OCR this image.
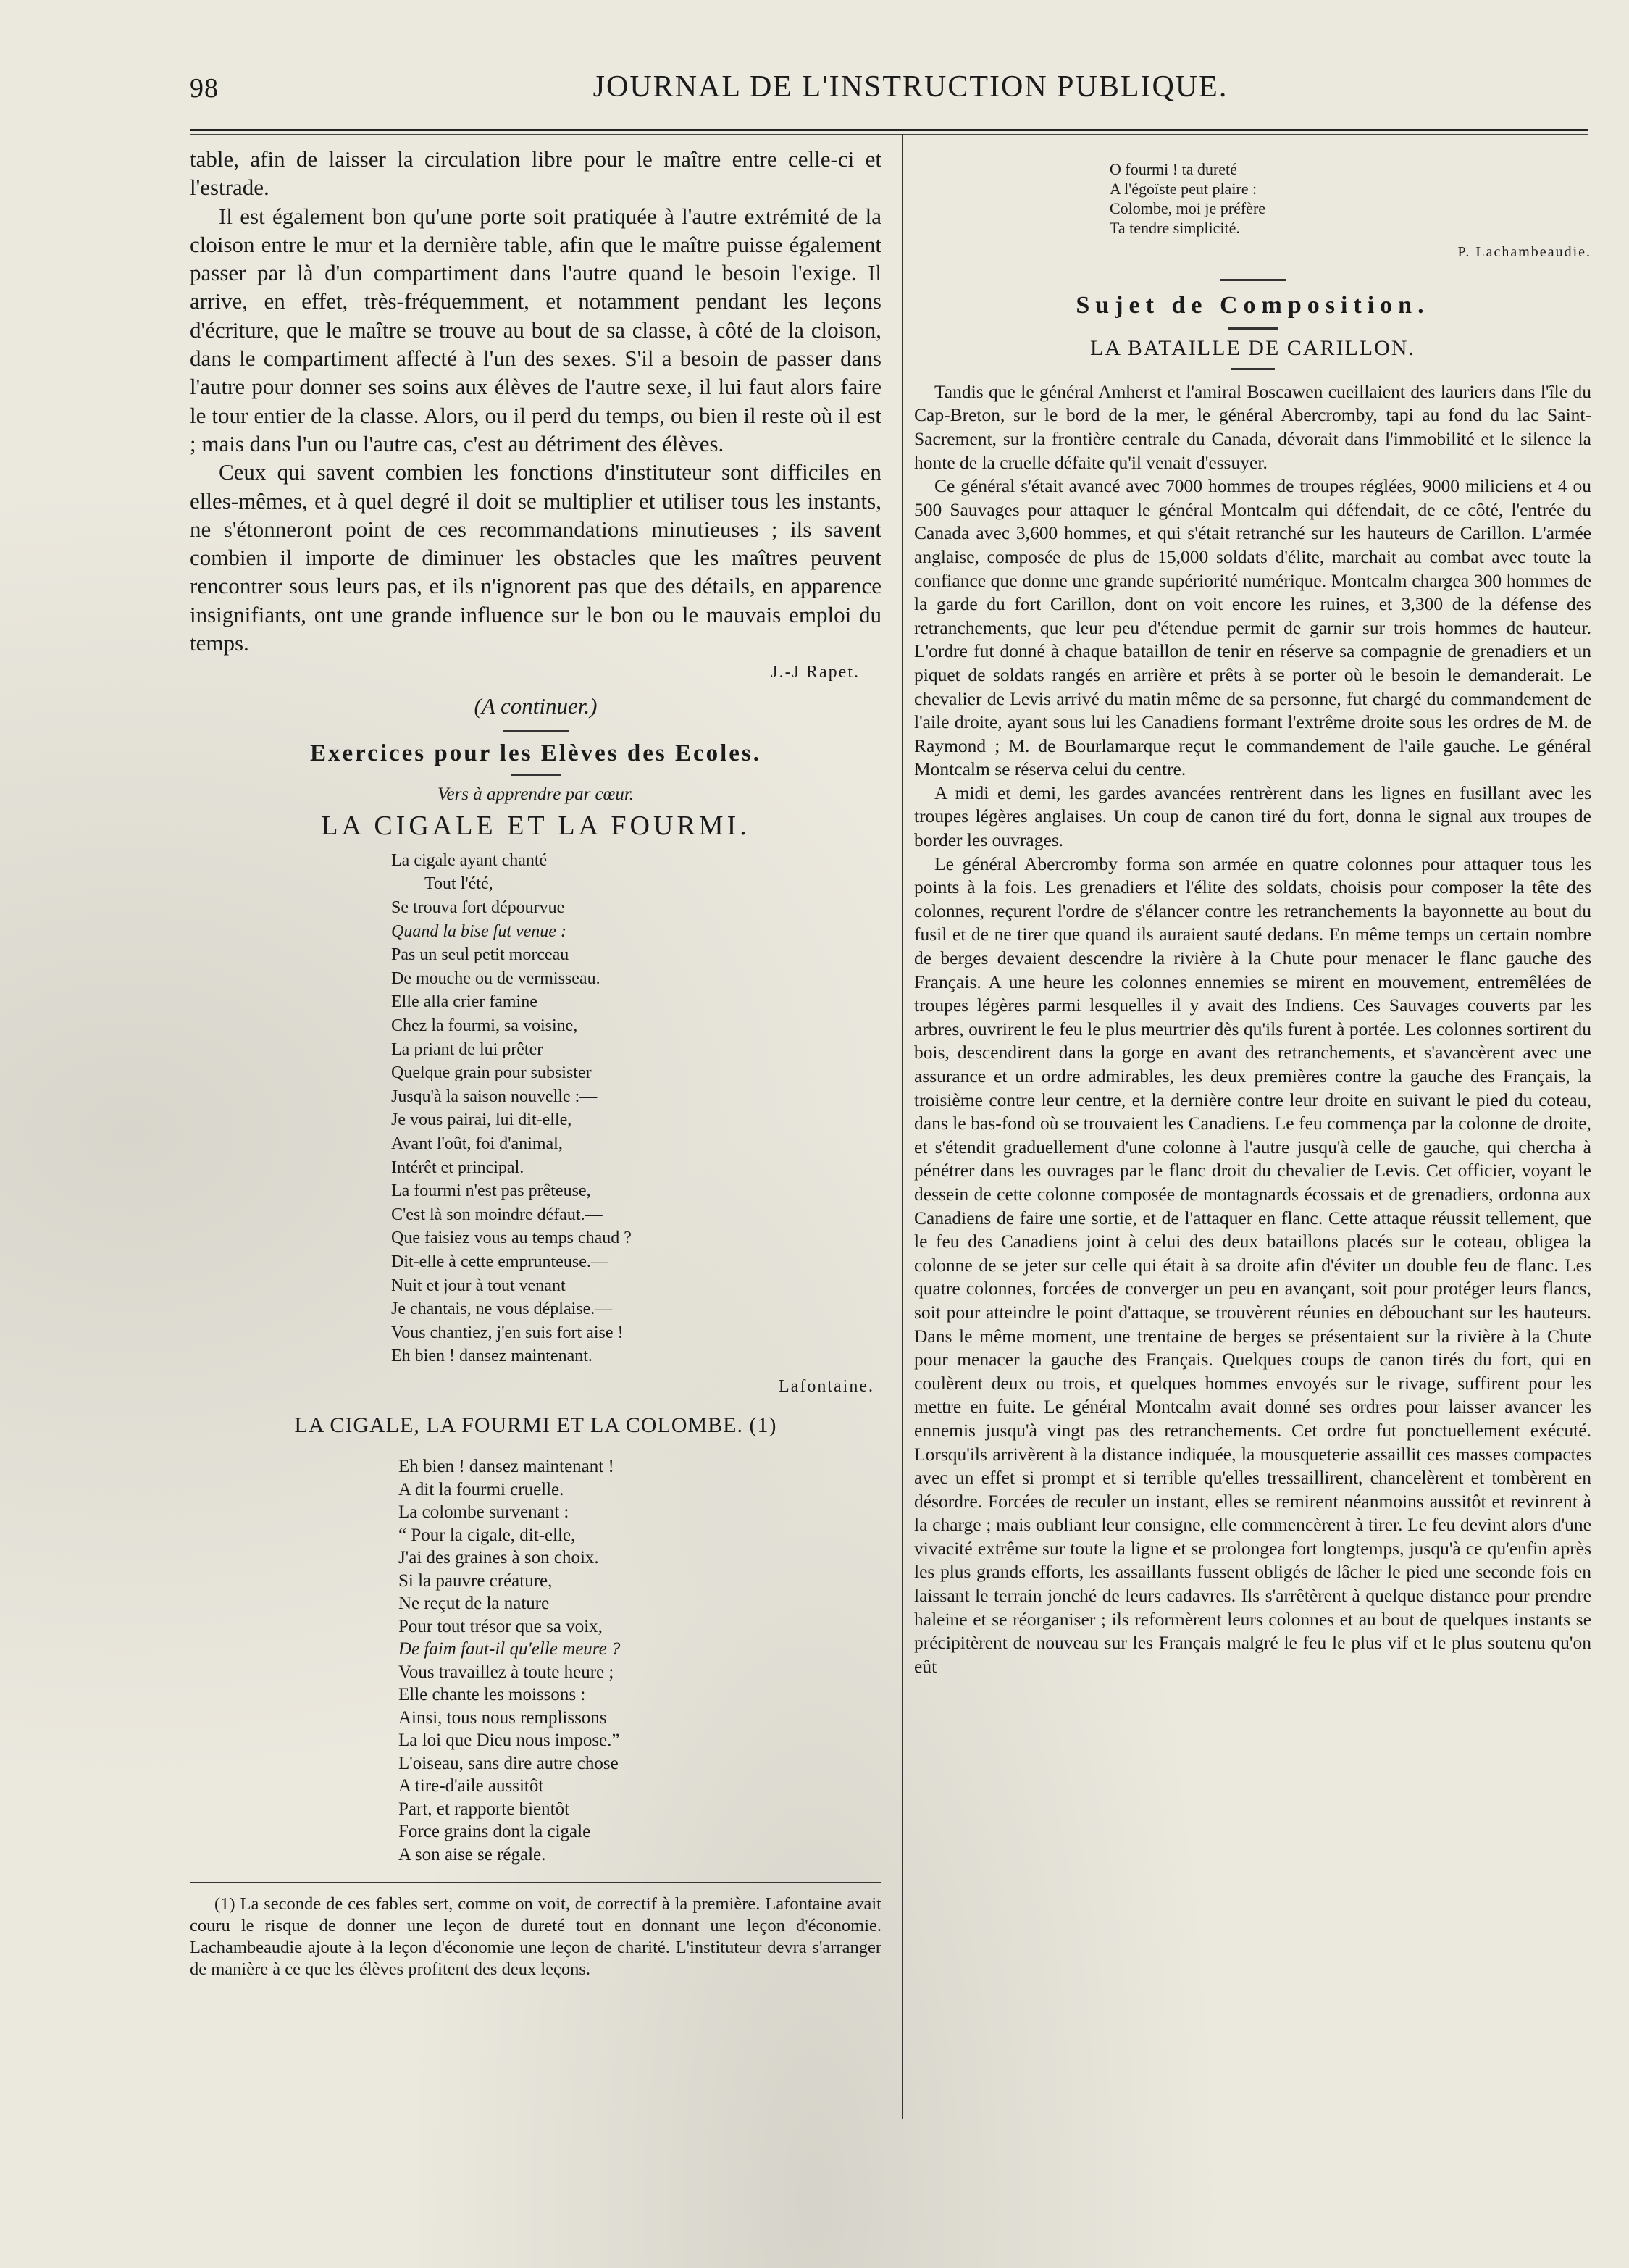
98	JOURNAL DE L'INSTRUCTION PUBLIQUE.

table, afin de laisser la circulation libre pour le maître entre celle-ci et l'estrade.

Il est également bon qu'une porte soit pratiquée à l'autre extrémité de la cloison entre le mur et la dernière table, afin que le maître puisse également passer par là d'un compartiment dans l'autre quand le besoin l'exige. Il arrive, en effet, très-fréquemment, et notamment pendant les leçons d'écriture, que le maître se trouve au bout de sa classe, à côté de la cloison, dans le compartiment affecté à l'un des sexes. S'il a besoin de passer dans l'autre pour donner ses soins aux élèves de l'autre sexe, il lui faut alors faire le tour entier de la classe. Alors, ou il perd du temps, ou bien il reste où il est ; mais dans l'un ou l'autre cas, c'est au détriment des élèves.

Ceux qui savent combien les fonctions d'instituteur sont difficiles en elles-mêmes, et à quel degré il doit se multiplier et utiliser tous les instants, ne s'étonneront point de ces recommandations minutieuses ; ils savent combien il importe de diminuer les obstacles que les maîtres peuvent rencontrer sous leurs pas, et ils n'ignorent pas que des détails, en apparence insignifiants, ont une grande influence sur le bon ou le mauvais emploi du temps.

J.-J Rapet.

(A continuer.)

Exercices pour les Elèves des Ecoles.

Vers à apprendre par cœur.

LA CIGALE ET LA FOURMI.

La cigale ayant chanté
Tout l'été,
Se trouva fort dépourvue
Quand la bise fut venue :
Pas un seul petit morceau
De mouche ou de vermisseau.
Elle alla crier famine
Chez la fourmi, sa voisine,
La priant de lui prêter
Quelque grain pour subsister
Jusqu'à la saison nouvelle :—
Je vous pairai, lui dit-elle,
Avant l'oût, foi d'animal,
Intérêt et principal.
La fourmi n'est pas prêteuse,
C'est là son moindre défaut.—
Que faisiez vous au temps chaud ?
Dit-elle à cette emprunteuse.—
Nuit et jour à tout venant
Je chantais, ne vous déplaise.—
Vous chantiez, j'en suis fort aise !
Eh bien ! dansez maintenant.

Lafontaine.

LA CIGALE, LA FOURMI ET LA COLOMBE. (1)

Eh bien ! dansez maintenant !
A dit la fourmi cruelle.
La colombe survenant :
“ Pour la cigale, dit-elle,
J'ai des graines à son choix.
Si la pauvre créature,
Ne reçut de la nature
Pour tout trésor que sa voix,
De faim faut-il qu'elle meure ?
Vous travaillez à toute heure ;
Elle chante les moissons :
Ainsi, tous nous remplissons
La loi que Dieu nous impose.”
L'oiseau, sans dire autre chose
A tire-d'aile aussitôt
Part, et rapporte bientôt
Force grains dont la cigale
A son aise se régale.

(1) La seconde de ces fables sert, comme on voit, de correctif à la première. Lafontaine avait couru le risque de donner une leçon de dureté tout en donnant une leçon d'économie. Lachambeaudie ajoute à la leçon d'économie une leçon de charité. L'instituteur devra s'arranger de manière à ce que les élèves profitent des deux leçons.

O fourmi ! ta dureté
A l'égoïste peut plaire :
Colombe, moi je préfère
Ta tendre simplicité.

P. Lachambeaudie.

Sujet de Composition.

LA BATAILLE DE CARILLON.

Tandis que le général Amherst et l'amiral Boscawen cueillaient des lauriers dans l'île du Cap-Breton, sur le bord de la mer, le général Abercromby, tapi au fond du lac Saint-Sacrement, sur la frontière centrale du Canada, dévorait dans l'immobilité et le silence la honte de la cruelle défaite qu'il venait d'essuyer.

Ce général s'était avancé avec 7000 hommes de troupes réglées, 9000 miliciens et 4 ou 500 Sauvages pour attaquer le général Montcalm qui défendait, de ce côté, l'entrée du Canada avec 3,600 hommes, et qui s'était retranché sur les hauteurs de Carillon. L'armée anglaise, composée de plus de 15,000 soldats d'élite, marchait au combat avec toute la confiance que donne une grande supériorité numérique. Montcalm chargea 300 hommes de la garde du fort Carillon, dont on voit encore les ruines, et 3,300 de la défense des retranchements, que leur peu d'étendue permit de garnir sur trois hommes de hauteur. L'ordre fut donné à chaque bataillon de tenir en réserve sa compagnie de grenadiers et un piquet de soldats rangés en arrière et prêts à se porter où le besoin le demanderait. Le chevalier de Levis arrivé du matin même de sa personne, fut chargé du commandement de l'aile droite, ayant sous lui les Canadiens formant l'extrême droite sous les ordres de M. de Raymond ; M. de Bourlamarque reçut le commandement de l'aile gauche. Le général Montcalm se réserva celui du centre.

A midi et demi, les gardes avancées rentrèrent dans les lignes en fusillant avec les troupes légères anglaises. Un coup de canon tiré du fort, donna le signal aux troupes de border les ouvrages.

Le général Abercromby forma son armée en quatre colonnes pour attaquer tous les points à la fois. Les grenadiers et l'élite des soldats, choisis pour composer la tête des colonnes, reçurent l'ordre de s'élancer contre les retranchements la bayonnette au bout du fusil et de ne tirer que quand ils auraient sauté dedans. En même temps un certain nombre de berges devaient descendre la rivière à la Chute pour menacer le flanc gauche des Français. A une heure les colonnes ennemies se mirent en mouvement, entremêlées de troupes légères parmi lesquelles il y avait des Indiens. Ces Sauvages couverts par les arbres, ouvrirent le feu le plus meurtrier dès qu'ils furent à portée. Les colonnes sortirent du bois, descendirent dans la gorge en avant des retranchements, et s'avancèrent avec une assurance et un ordre admirables, les deux premières contre la gauche des Français, la troisième contre leur centre, et la dernière contre leur droite en suivant le pied du coteau, dans le bas-fond où se trouvaient les Canadiens. Le feu commença par la colonne de droite, et s'étendit graduellement d'une colonne à l'autre jusqu'à celle de gauche, qui chercha à pénétrer dans les ouvrages par le flanc droit du chevalier de Levis. Cet officier, voyant le dessein de cette colonne composée de montagnards écossais et de grenadiers, ordonna aux Canadiens de faire une sortie, et de l'attaquer en flanc. Cette attaque réussit tellement, que le feu des Canadiens joint à celui des deux bataillons placés sur le coteau, obligea la colonne de se jeter sur celle qui était à sa droite afin d'éviter un double feu de flanc. Les quatre colonnes, forcées de converger un peu en avançant, soit pour protéger leurs flancs, soit pour atteindre le point d'attaque, se trouvèrent réunies en débouchant sur les hauteurs. Dans le même moment, une trentaine de berges se présentaient sur la rivière à la Chute pour menacer la gauche des Français. Quelques coups de canon tirés du fort, qui en coulèrent deux ou trois, et quelques hommes envoyés sur le rivage, suffirent pour les mettre en fuite. Le général Montcalm avait donné ses ordres pour laisser avancer les ennemis jusqu'à vingt pas des retranchements. Cet ordre fut ponctuellement exécuté. Lorsqu'ils arrivèrent à la distance indiquée, la mousqueterie assaillit ces masses compactes avec un effet si prompt et si terrible qu'elles tressaillirent, chancelèrent et tombèrent en désordre. Forcées de reculer un instant, elles se remirent néanmoins aussitôt et revinrent à la charge ; mais oubliant leur consigne, elle commencèrent à tirer. Le feu devint alors d'une vivacité extrême sur toute la ligne et se prolongea fort longtemps, jusqu'à ce qu'enfin après les plus grands efforts, les assaillants fussent obligés de lâcher le pied une seconde fois en laissant le terrain jonché de leurs cadavres. Ils s'arrêtèrent à quelque distance pour prendre haleine et se réorganiser ; ils reformèrent leurs colonnes et au bout de quelques instants se précipitèrent de nouveau sur les Français malgré le feu le plus vif et le plus soutenu qu'on eût
